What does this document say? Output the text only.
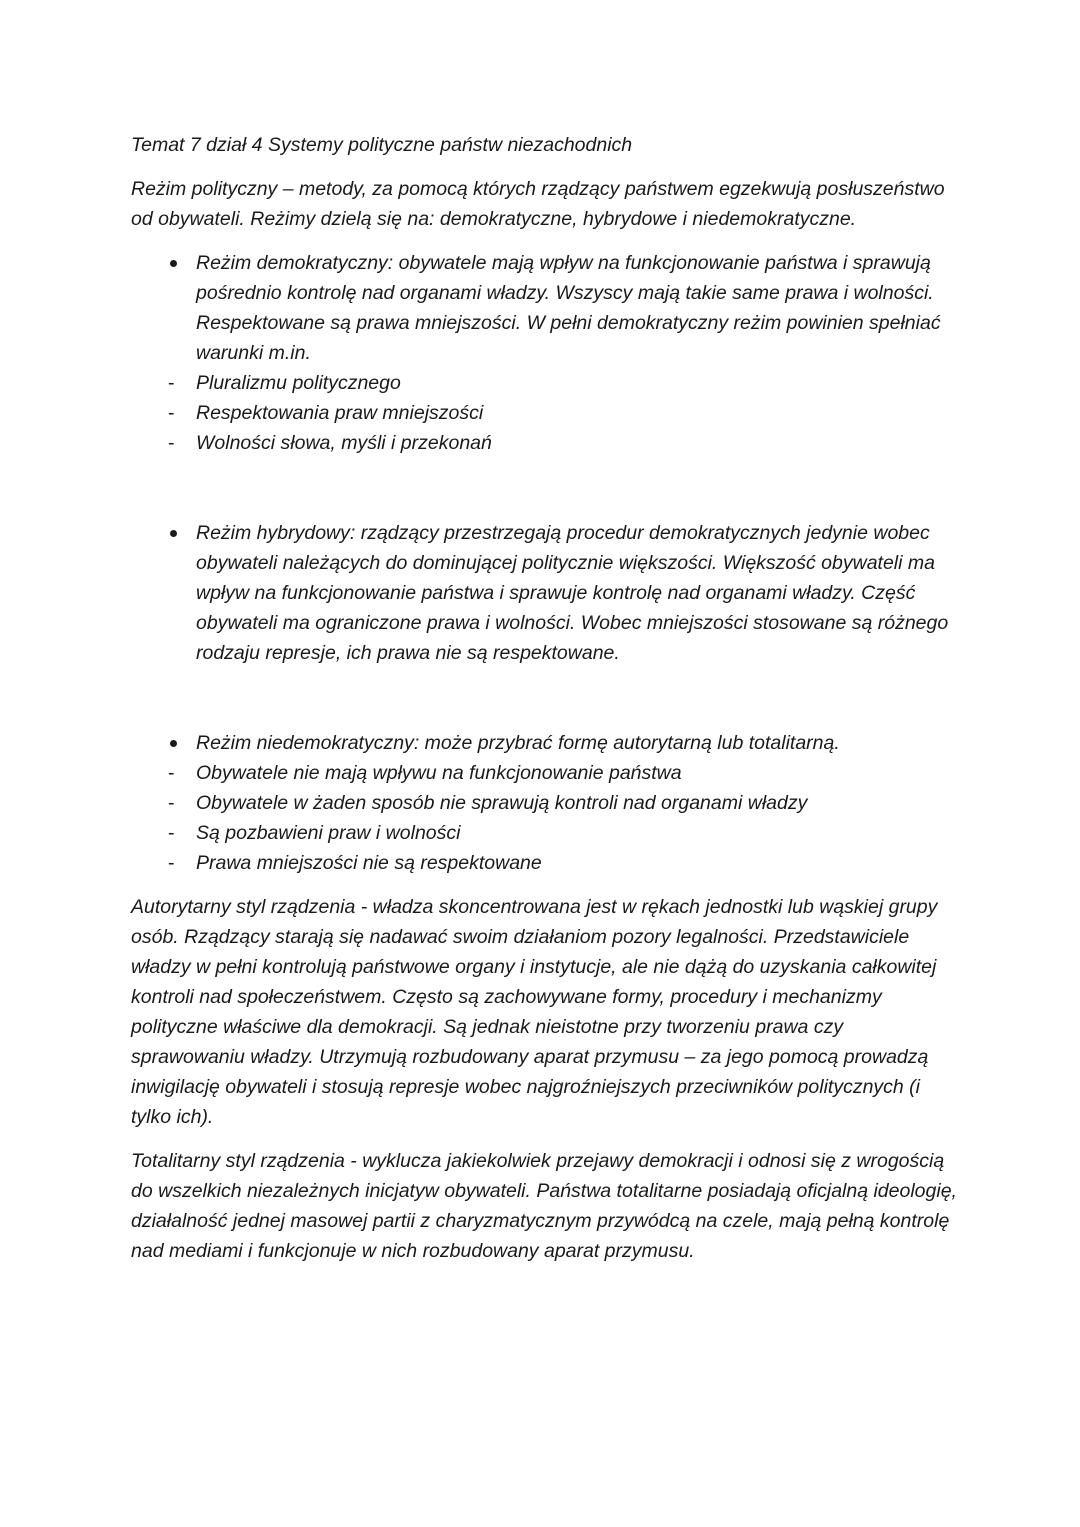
Temat 7 dział 4 Systemy polityczne państw niezachodnich

Reżim polityczny – metody, za pomocą których rządzący państwem egzekwują posłuszeństwo od obywateli. Reżimy dzielą się na: demokratyczne, hybrydowe i niedemokratyczne.

Reżim demokratyczny: obywatele mają wpływ na funkcjonowanie państwa i sprawują pośrednio kontrolę nad organami władzy. Wszyscy mają takie same prawa i wolności. Respektowane są prawa mniejszości. W pełni demokratyczny reżim powinien spełniać warunki m.in.
- Pluralizmu politycznego
- Respektowania praw mniejszości
- Wolności słowa, myśli i przekonań
Reżim hybrydowy: rządzący przestrzegają procedur demokratycznych jedynie wobec obywateli należących do dominującej politycznie większości. Większość obywateli ma wpływ na funkcjonowanie państwa i sprawuje kontrolę nad organami władzy. Część obywateli ma ograniczone prawa i wolności. Wobec mniejszości stosowane są różnego rodzaju represje, ich prawa nie są respektowane.
Reżim niedemokratyczny: może przybrać formę autorytarną lub totalitarną.
- Obywatele nie mają wpływu na funkcjonowanie państwa
- Obywatele w żaden sposób nie sprawują kontroli nad organami władzy
- Są pozbawieni praw i wolności
- Prawa mniejszości nie są respektowane

Autorytarny styl rządzenia - władza skoncentrowana jest w rękach jednostki lub wąskiej grupy osób. Rządzący starają się nadawać swoim działaniom pozory legalności. Przedstawiciele władzy w pełni kontrolują państwowe organy i instytucje, ale nie dążą do uzyskania całkowitej kontroli nad społeczeństwem. Często są zachowywane formy, procedury i mechanizmy polityczne właściwe dla demokracji. Są jednak nieistotne przy tworzeniu prawa czy sprawowaniu władzy. Utrzymują rozbudowany aparat przymusu – za jego pomocą prowadzą inwigilację obywateli i stosują represje wobec najgroźniejszych przeciwników politycznych (i tylko ich).

Totalitarny styl rządzenia - wyklucza jakiekolwiek przejawy demokracji i odnosi się z wrogością do wszelkich niezależnych inicjatyw obywateli. Państwa totalitarne posiadają oficjalną ideologię, działalność jednej masowej partii z charyzmatycznym przywódcą na czele, mają pełną kontrolę nad mediami i funkcjonuje w nich rozbudowany aparat przymusu.
